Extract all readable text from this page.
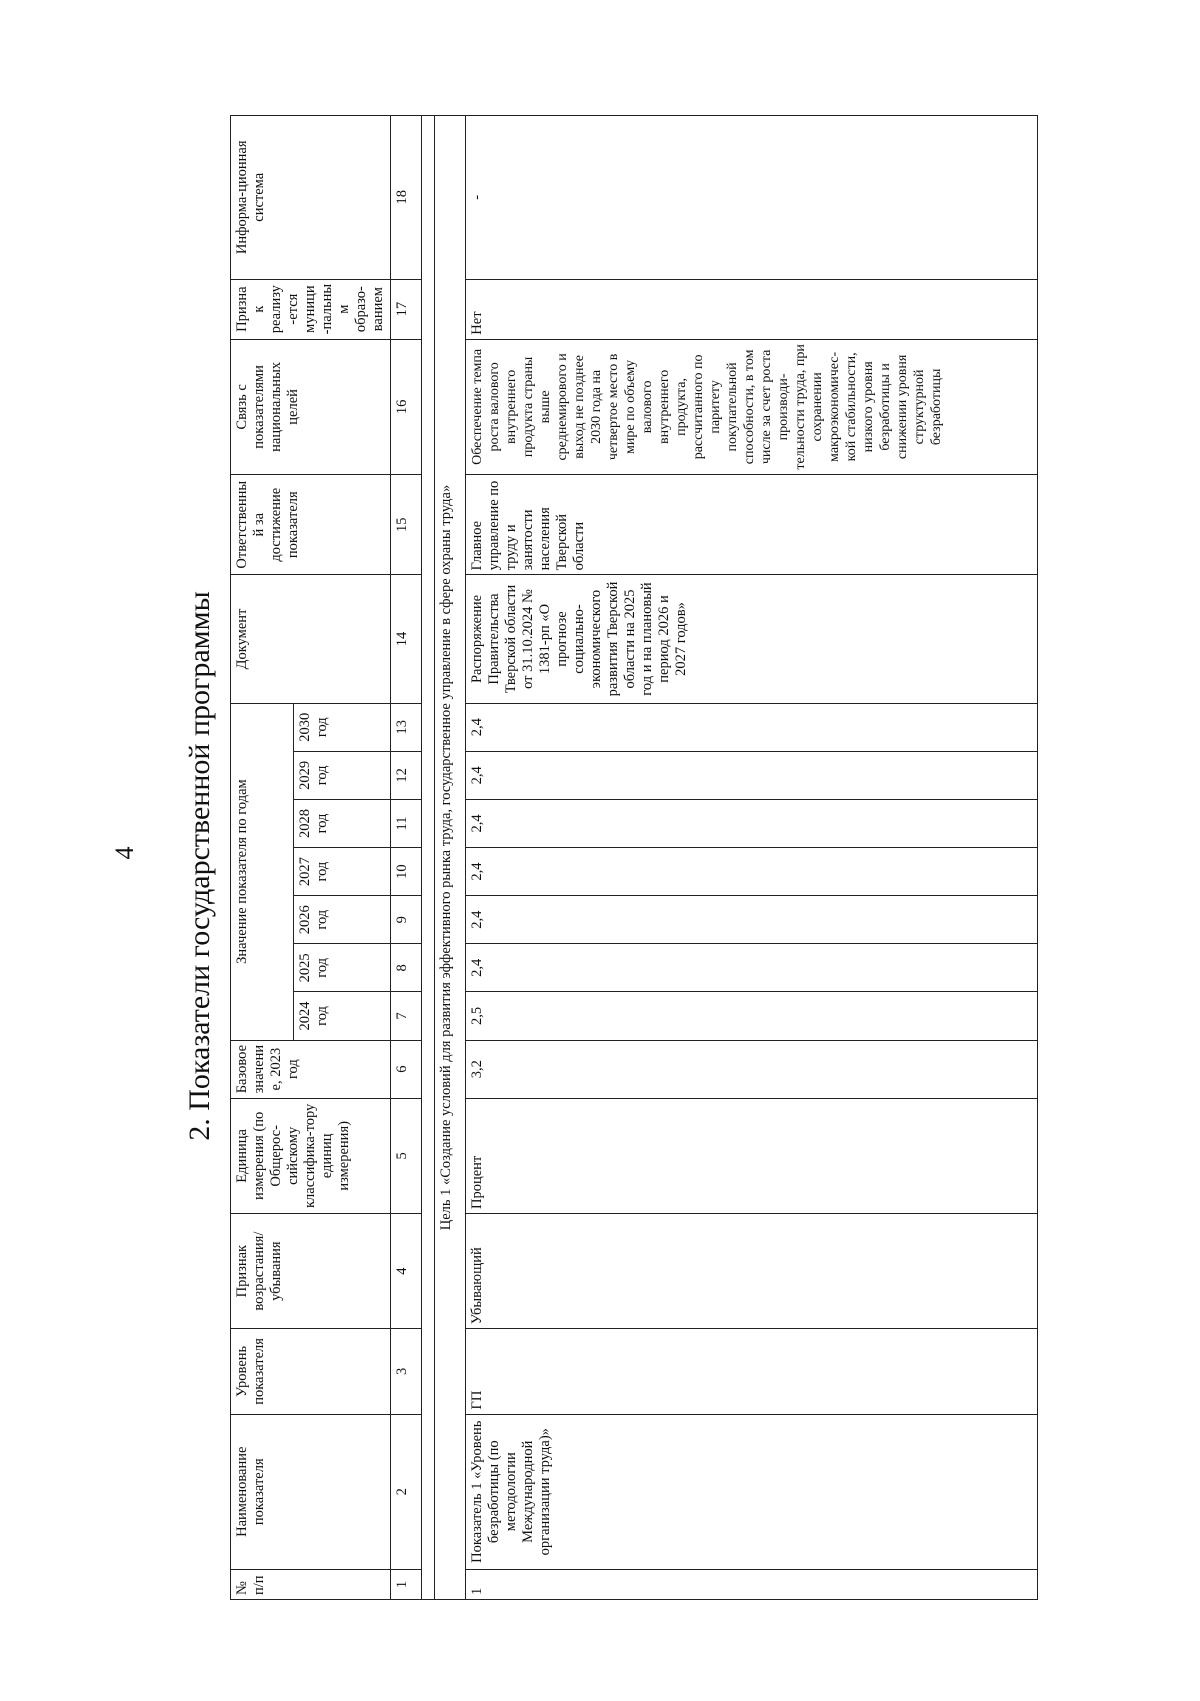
4 2. Показатели государственной программы
№ п/п	Наименование показателя	Уровень показателя	Признак возрастания/ убывания	Единица измерения (по Общерос-сийскому классифика-тору единиц измерения)	Базовое значение, 2023 год	Значение показателя по годам							Документ	Ответственный за достижение показателя	Связь с показателями национальных целей	Признак реализу-ется муници-пальным образо-ванием	Информа-ционная система
						2024 год	2025 год	2026 год	2027 год	2028 год	2029 год	2030 год					
1	2	3	4	5	6	7	8	9	10	11	12	13	14	15	16	17	18

Цель 1 «Создание условий для развития эффективного рынка труда, государственное управление в сфере охраны труда»																	
1	Показатель 1 «Уровень безработицы (по методологии Международной организации труда)»	ГП	Убывающий	Процент	3,2	2,5	2,4	2,4	2,4	2,4	2,4	2,4	Распоряжение Правительства Тверской области от 31.10.2024 № 1381-рп «О прогнозе социально-экономического развития Тверской области на 2025 год и на плановый период 2026 и 2027 годов»	Главное управление по труду и занятости населения Тверской области	Обеспечение темпа роста валового внутреннего продукта страны выше среднемирового и выход не позднее 2030 года на четвертое место в мире по объему валового внутреннего продукта, рассчитанного по паритету покупательной способности, в том числе за счет роста производи-тельности труда, при сохранении макроэкономичес-кой стабильности, низкого уровня безработицы и снижении уровня структурной безработицы	Нет	-
